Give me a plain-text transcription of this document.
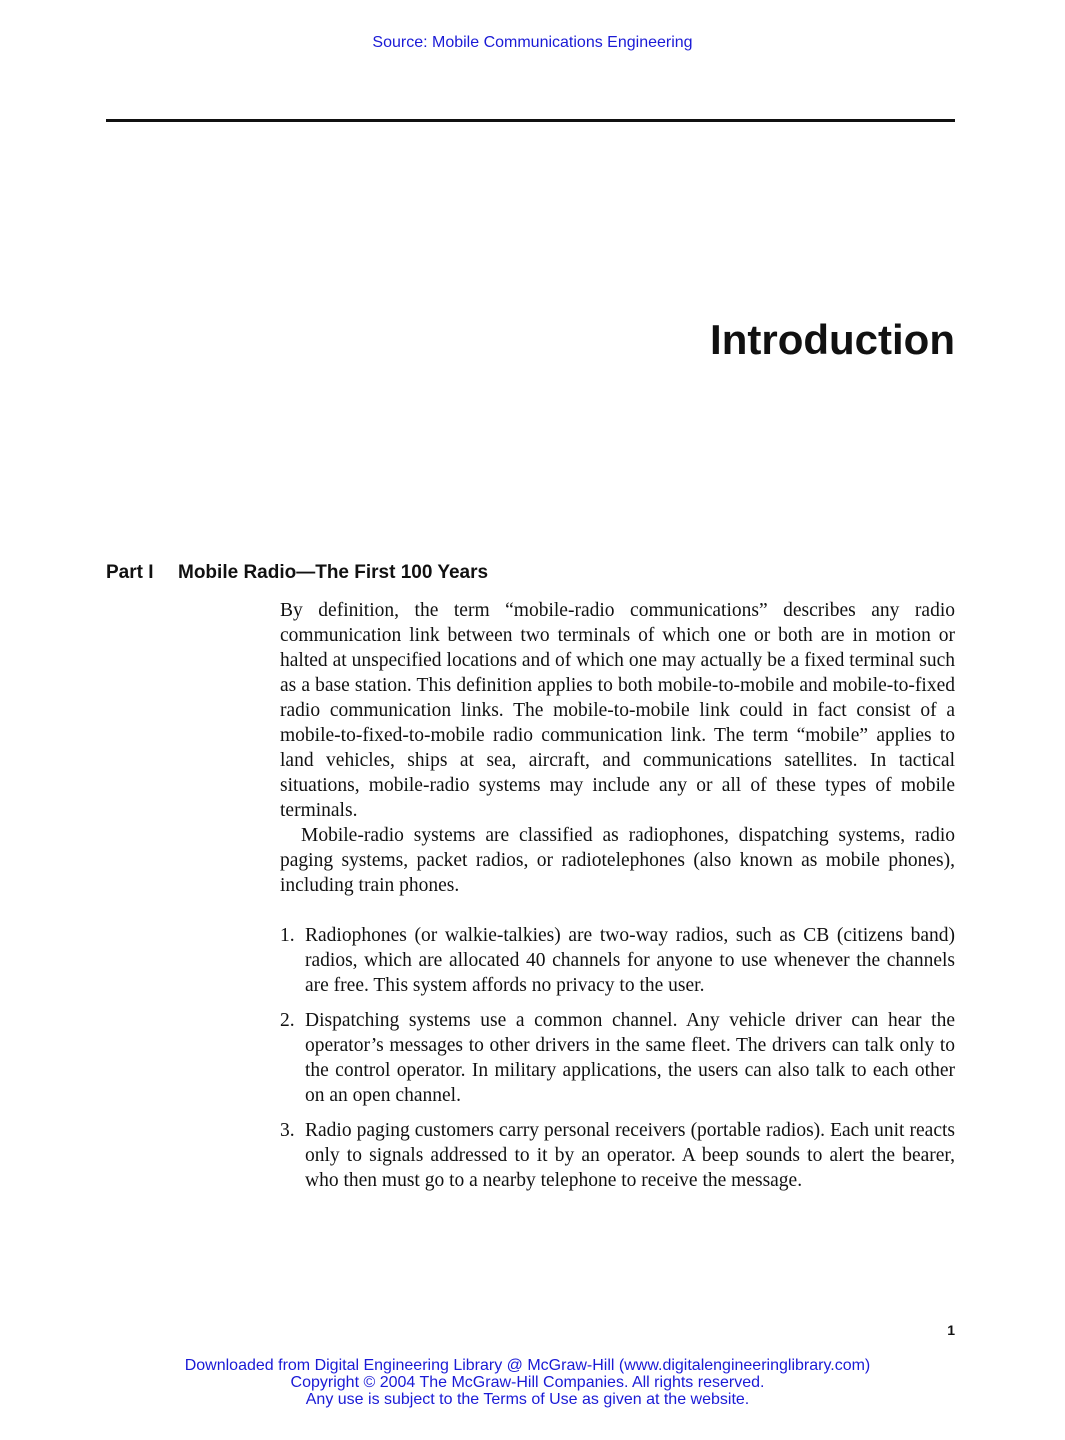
Source: Mobile Communications Engineering
Introduction
Part I Mobile Radio—The First 100 Years

By definition, the term “mobile-radio communications” describes any radio communication link between two terminals of which one or both are in motion or halted at unspecified locations and of which one may actually be a fixed terminal such as a base station. This definition applies to both mobile-to-mobile and mobile-to-fixed radio communication links. The mobile-to-mobile link could in fact consist of a mobile-to-fixed-to-mobile radio communication link. The term “mobile” applies to land vehicles, ships at sea, aircraft, and communications satellites. In tactical situations, mobile-radio systems may include any or all of these types of mobile terminals.

Mobile-radio systems are classified as radiophones, dispatching systems, radio paging systems, packet radios, or radiotelephones (also known as mobile phones), including train phones.

1. Radiophones (or walkie-talkies) are two-way radios, such as CB (citizens band) radios, which are allocated 40 channels for anyone to use whenever the channels are free. This system affords no privacy to the user.
2. Dispatching systems use a common channel. Any vehicle driver can hear the operator’s messages to other drivers in the same fleet. The drivers can talk only to the control operator. In military applications, the users can also talk to each other on an open channel.
3. Radio paging customers carry personal receivers (portable radios). Each unit reacts only to signals addressed to it by an operator. A beep sounds to alert the bearer, who then must go to a nearby telephone to receive the message.
1
Downloaded from Digital Engineering Library @ McGraw-Hill (www.digitalengineeringlibrary.com)
Copyright © 2004 The McGraw-Hill Companies. All rights reserved.
Any use is subject to the Terms of Use as given at the website.
